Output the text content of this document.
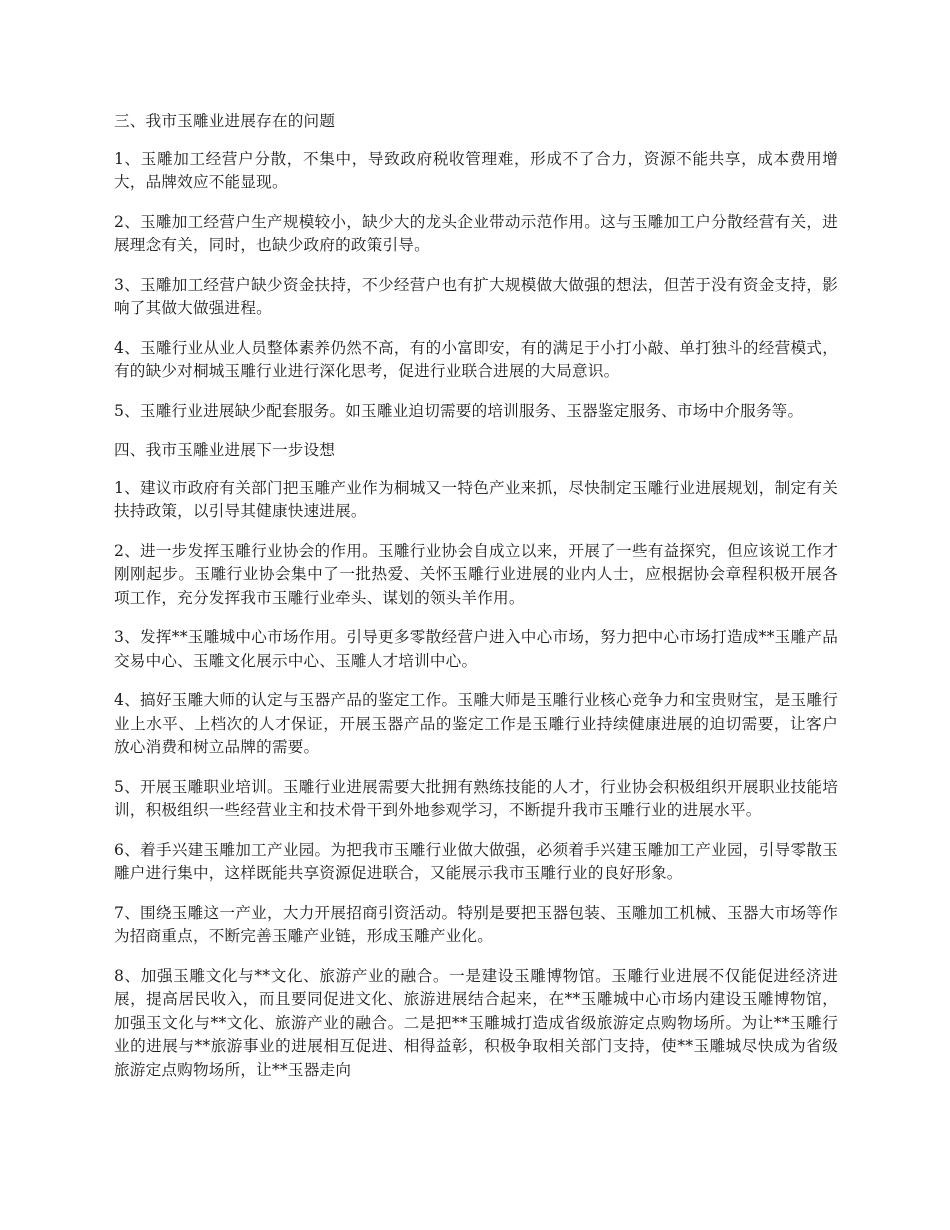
三、我市玉雕业进展存在的问题

1、玉雕加工经营户分散，不集中，导致政府税收管理难，形成不了合力，资源不能共享，成本费用增大，品牌效应不能显现。

2、玉雕加工经营户生产规模较小，缺少大的龙头企业带动示范作用。这与玉雕加工户分散经营有关，进展理念有关，同时，也缺少政府的政策引导。

3、玉雕加工经营户缺少资金扶持，不少经营户也有扩大规模做大做强的想法，但苦于没有资金支持，影响了其做大做强进程。

4、玉雕行业从业人员整体素养仍然不高，有的小富即安，有的满足于小打小敲、单打独斗的经营模式，有的缺少对桐城玉雕行业进行深化思考，促进行业联合进展的大局意识。

5、玉雕行业进展缺少配套服务。如玉雕业迫切需要的培训服务、玉器鉴定服务、市场中介服务等。

四、我市玉雕业进展下一步设想

1、建议市政府有关部门把玉雕产业作为桐城又一特色产业来抓，尽快制定玉雕行业进展规划，制定有关扶持政策，以引导其健康快速进展。

2、进一步发挥玉雕行业协会的作用。玉雕行业协会自成立以来，开展了一些有益探究，但应该说工作才刚刚起步。玉雕行业协会集中了一批热爱、关怀玉雕行业进展的业内人士，应根据协会章程积极开展各项工作，充分发挥我市玉雕行业牵头、谋划的领头羊作用。

3、发挥**玉雕城中心市场作用。引导更多零散经营户进入中心市场，努力把中心市场打造成**玉雕产品交易中心、玉雕文化展示中心、玉雕人才培训中心。

4、搞好玉雕大师的认定与玉器产品的鉴定工作。玉雕大师是玉雕行业核心竞争力和宝贵财宝，是玉雕行业上水平、上档次的人才保证，开展玉器产品的鉴定工作是玉雕行业持续健康进展的迫切需要，让客户放心消费和树立品牌的需要。

5、开展玉雕职业培训。玉雕行业进展需要大批拥有熟练技能的人才，行业协会积极组织开展职业技能培训，积极组织一些经营业主和技术骨干到外地参观学习，不断提升我市玉雕行业的进展水平。

6、着手兴建玉雕加工产业园。为把我市玉雕行业做大做强，必须着手兴建玉雕加工产业园，引导零散玉雕户进行集中，这样既能共享资源促进联合，又能展示我市玉雕行业的良好形象。

7、围绕玉雕这一产业，大力开展招商引资活动。特别是要把玉器包装、玉雕加工机械、玉器大市场等作为招商重点，不断完善玉雕产业链，形成玉雕产业化。

8、加强玉雕文化与**文化、旅游产业的融合。一是建设玉雕博物馆。玉雕行业进展不仅能促进经济进展，提高居民收入，而且要同促进文化、旅游进展结合起来，在**玉雕城中心市场内建设玉雕博物馆，加强玉文化与**文化、旅游产业的融合。二是把**玉雕城打造成省级旅游定点购物场所。为让**玉雕行业的进展与**旅游事业的进展相互促进、相得益彰，积极争取相关部门支持，使**玉雕城尽快成为省级旅游定点购物场所，让**玉器走向
